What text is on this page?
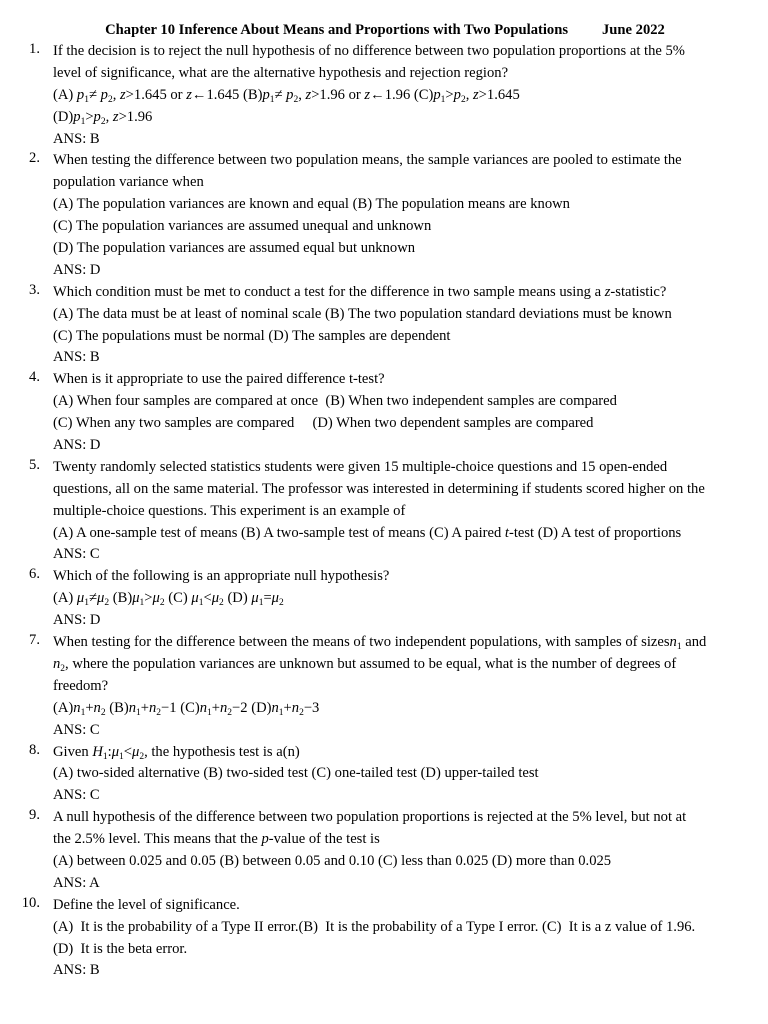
Chapter 10 Inference About Means and Proportions with Two Populations June 2022
1. If the decision is to reject the null hypothesis of no difference between two population proportions at the 5%
level of significance, what are the alternative hypothesis and rejection region?
(A) $p_1\ne p_2$, z>1.645 or z←1.645 $(B)p_1\ne p_2$, z>1.96 or z←1.96 $(C)p_1>p_2$, z>1.645
$(D)p_1>p_2$, z>1.96
ANS: B
2. When testing the difference between two population means, the sample variances are pooled to estimate the
population variance when
(A) The population variances are known and equal (B) The population means are known
(C) The population variances are assumed unequal and unknown
(D) The population variances are assumed equal but unknown
ANS: D
3. Which condition must be met to conduct a test for the difference in two sample means using a z-statistic?
(A) The data must be at least of nominal scale (B) The two population standard deviations must be known
(C) The populations must be normal (D) The samples are dependent
ANS: B
4. When is it appropriate to use the paired difference t-test?
(A) When four samples are compared at once  (B) When two independent samples are compared
(C) When any two samples are compared     (D) When two dependent samples are compared
ANS: D
5. Twenty randomly selected statistics students were given 15 multiple-choice questions and 15 open-ended
questions, all on the same material. The professor was interested in determining if students scored higher on the
multiple-choice questions. This experiment is an example of
(A) A one-sample test of means (B) A two-sample test of means (C) A paired t-test (D) A test of proportions
ANS: C
6. Which of the following is an appropriate null hypothesis?
(A) $\mu_1\ne\mu_2$ $(B)\mu_1>\mu_2$ (C) $\mu_1<\mu_2$ (D) $\mu_1=\mu_2$
ANS: D
7. When testing for the difference between the means of two independent populations, with samples of sizesn$_1$ and
$n_2$, where the population variances are unknown but assumed to be equal, what is the number of degrees of
freedom?
$(A)n_1+n_2$ $(B)n_1+n_2-1$ $(C)n_1+n_2-2$ $(D)n_1+n_2-3$
ANS: C
8. Given $H_1:\mu_1<\mu_2$, the hypothesis test is a(n)
(A) two-sided alternative (B) two-sided test (C) one-tailed test (D) upper-tailed test
ANS: C
9. A null hypothesis of the difference between two population proportions is rejected at the 5% level, but not at
the 2.5% level. This means that the p-value of the test is
(A) between 0.025 and 0.05 (B) between 0.05 and 0.10 (C) less than 0.025 (D) more than 0.025
ANS: A
10. Define the level of significance.
(A)  It is the probability of a Type II error.(B)  It is the probability of a Type I error. (C)  It is a z value of 1.96.
(D)  It is the beta error.
ANS: B
